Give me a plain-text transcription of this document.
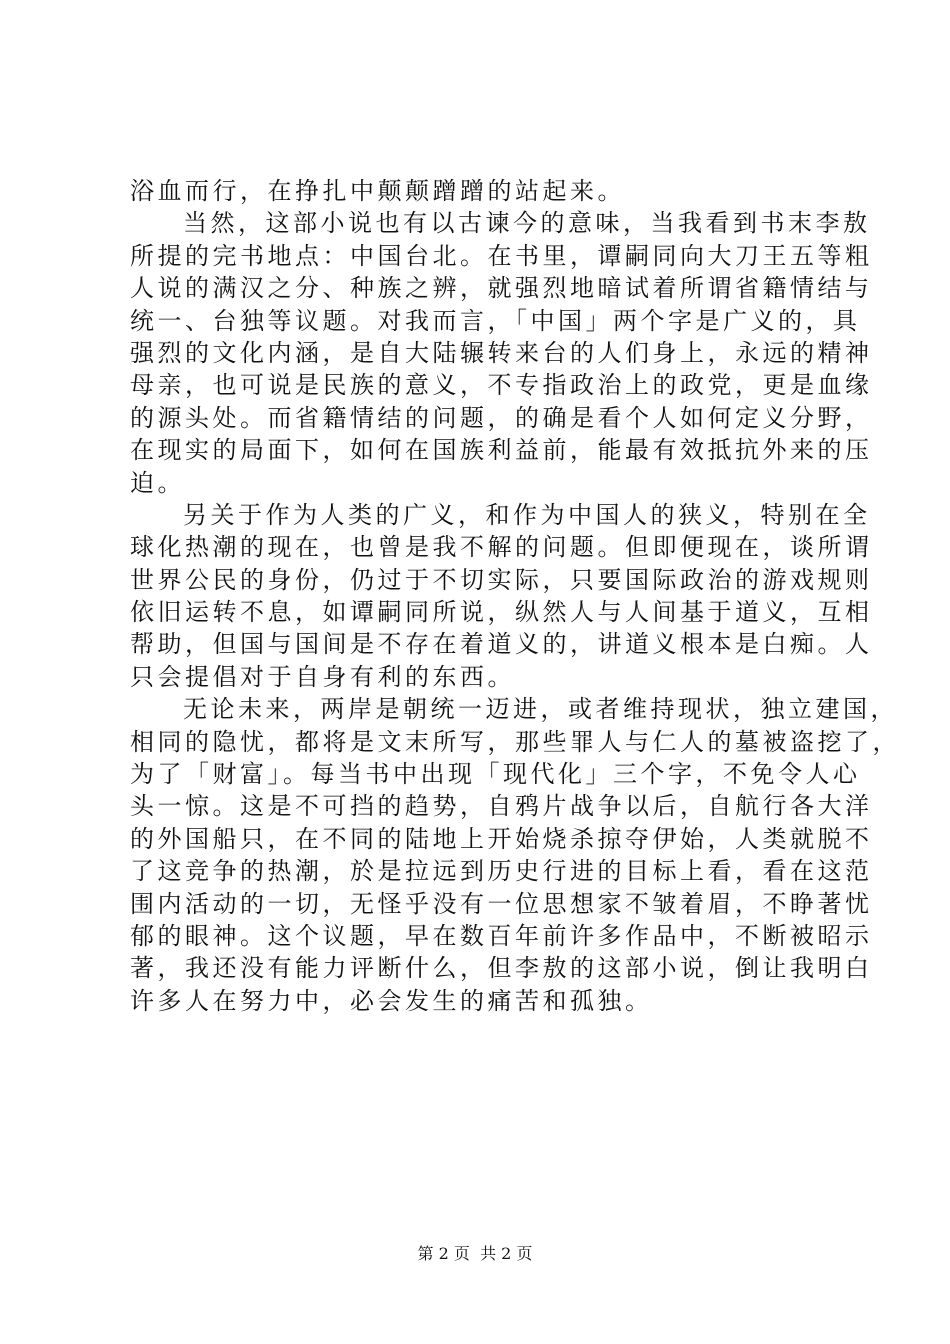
浴血而行，在挣扎中颠颠蹭蹭的站起来。
当然，这部小说也有以古谏今的意味，当我看到书末李敖
所提的完书地点：中国台北。在书里，谭嗣同向大刀王五等粗
人说的满汉之分、种族之辨，就强烈地暗试着所谓省籍情结与
统一、台独等议题。对我而言，「中国」两个字是广义的，具
强烈的文化内涵，是自大陆辗转来台的人们身上，永远的精神
母亲，也可说是民族的意义，不专指政治上的政党，更是血缘
的源头处。而省籍情结的问题，的确是看个人如何定义分野，
在现实的局面下，如何在国族利益前，能最有效抵抗外来的压
迫。
另关于作为人类的广义，和作为中国人的狭义，特别在全
球化热潮的现在，也曾是我不解的问题。但即便现在，谈所谓
世界公民的身份，仍过于不切实际，只要国际政治的游戏规则
依旧运转不息，如谭嗣同所说，纵然人与人间基于道义，互相
帮助，但国与国间是不存在着道义的，讲道义根本是白痴。人
只会提倡对于自身有利的东西。
无论未来，两岸是朝统一迈进，或者维持现状，独立建国，
相同的隐忧，都将是文末所写，那些罪人与仁人的墓被盗挖了，
为了「财富」。每当书中出现「现代化」三个字，不免令人心
头一惊。这是不可挡的趋势，自鸦片战争以后，自航行各大洋
的外国船只，在不同的陆地上开始烧杀掠夺伊始，人类就脱不
了这竞争的热潮，於是拉远到历史行进的目标上看，看在这范
围内活动的一切，无怪乎没有一位思想家不皱着眉，不睁著忧
郁的眼神。这个议题，早在数百年前许多作品中，不断被昭示
著，我还没有能力评断什么，但李敖的这部小说，倒让我明白
许多人在努力中，必会发生的痛苦和孤独。
第 2 页  共 2 页
